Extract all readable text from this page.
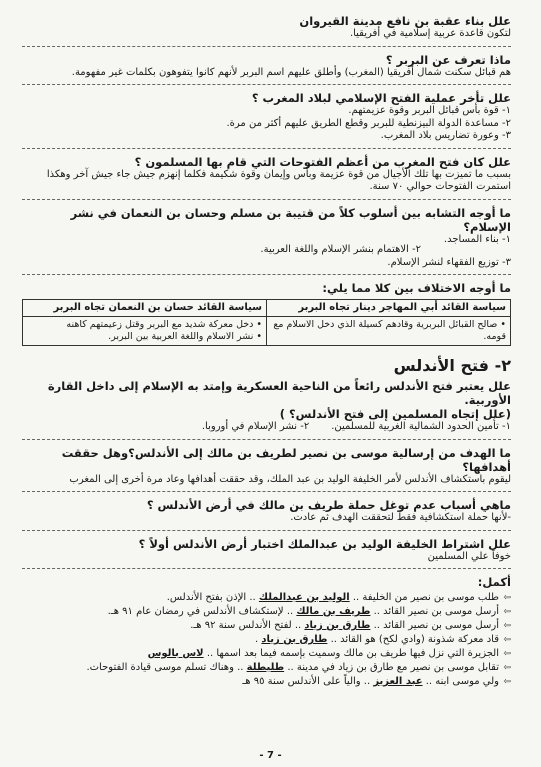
علل بناء عقبة بن نافع مدينة القيروان

لتكون قاعدة عربية إسلامية في أفريقيا.

ماذا تعرف عن البربر ؟

هم قبائل سكنت شمال أفريقيا (المغرب) وأطلق عليهم اسم البربر لأنهم كانوا يتفوهون بكلمات غير مفهومة.

علل تأخر عملية الفتح الإسلامي لبلاد المغرب ؟

١- قوة بأس قبائل البربر وقوة عزيمتهم.

٢- مساعدة الدولة البيزنطية للبربر وقطع الطريق عليهم أكثر من مرة.

٣- وعورة تضاريس بلاد المغرب.

علل كان فتح المغرب من أعظم الفتوحات التي قام بها المسلمون ؟

بسبب ما تميزت بها تلك الأجيال من قوة عزيمة وبأس وإيمان وقوة شكيمة فكلما إنهزم جيش جاء جيش آخر وهكذا استمرت الفتوحات حوالي ٧٠ سنة.

ما أوجه التشابه بين أسلوب كلاً من قتيبة بن مسلم وحسان بن النعمان في نشر الإسلام؟

١- بناء المساجد.

٢- الاهتمام بنشر الإسلام واللغة العربية.

٣- توزيع الفقهاء لنشر الإسلام.

ما أوجه الاختلاف بين كلا مما يلي:

سياسة القائد أبي المهاجر دينار تجاه البربر	سياسة القائد حسان بن النعمان تجاه البربر

• صالح القبائل البربرية وقادهم كسيلة الذي دخل الاسلام مع قومه.	• دخل معركة شديد مع البربر وقتل زعيمتهم كاهنه
• نشر الاسلام واللغة العربية بين البربر.
٢- فتح الأندلس

علل يعتبر فتح الأندلس رائعاً من الناحية العسكرية وإمتد به الإسلام إلى داخل القارة الأوربية.

(علل إتجاه المسلمين إلى فتح الأندلس؟ )

١- تأمين الحدود الشمالية الغربية للمسلمين.

٢- نشر الإسلام في أوروبا.

ما الهدف من إرسالية موسى بن نصير لطريف بن مالك إلى الأندلس؟وهل حققت أهدافها؟

ليقوم باستكشاف الأندلس لأمر الخليفة الوليد بن عبد الملك، وقد حققت أهدافها وعاد مرة أخرى إلى المغرب

ماهي أسباب عدم توغل حملة طريف بن مالك في أرض الأندلس ؟

-لأنها حملة استكشافية فقط لتحققت الهدف ثم عادت.

علل اشتراط الخليفة الوليد بن عبدالملك اختبار أرض الأندلس أولاً ؟

خوفاً علي المسلمين

أكمل:

⇦طلب موسى بن نصير من الخليفة .. الوليد بن عبدالملك .. الإذن بفتح الأندلس.

⇦أرسل موسى بن نصير القائد .. طريف بن مالك .. لإستكشاف الأندلس في رمضان عام ٩١ هـ.

⇦أرسل موسى بن نصير القائد .. طارق بن زياد .. لفتح الأندلس سنة ٩٢ هـ.

⇦قاد معركة شذونة (وادي لكح) هو القائد .. طارق بن زياد .

⇦الجزيرة التي نزل فيها طريف بن مالك وسميت بإسمه فيما بعد اسمها .. لاس بالوس

⇦تقابل موسى بن نصير مع طارق بن زياد في مدينة .. طليطلة .. وهناك تسلم موسى قيادة الفتوحات.

⇦ولي موسى ابنه .. عبد العزيز .. والياً على الأندلس سنة ٩٥ هـ

- 7 -
